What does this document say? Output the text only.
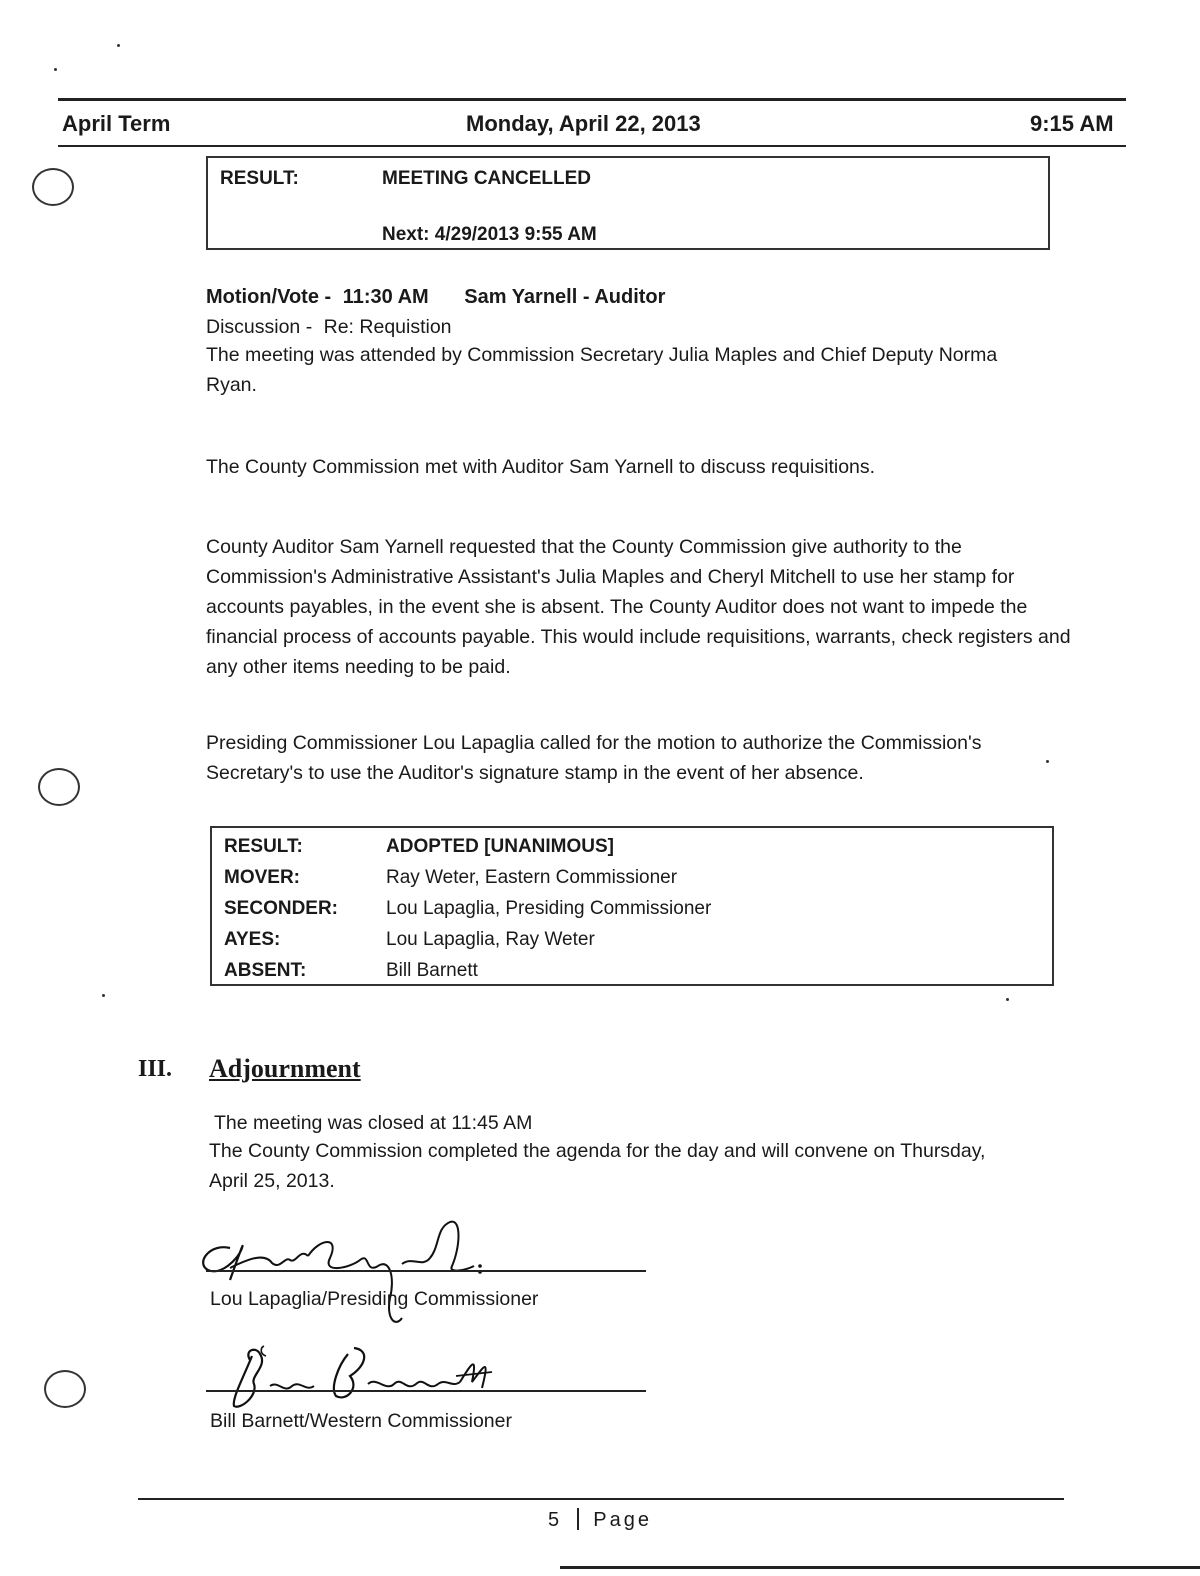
April Term	Monday, April 22, 2013	9:15 AM
RESULT:	MEETING CANCELLED
Next: 4/29/2013 9:55 AM
Motion/Vote - 11:30 AM Sam Yarnell - Auditor
Discussion - Re: Requistion
The meeting was attended by Commission Secretary Julia Maples and Chief Deputy Norma Ryan.
The County Commission met with Auditor Sam Yarnell to discuss requisitions.
County Auditor Sam Yarnell requested that the County Commission give authority to the Commission's Administrative Assistant's Julia Maples and Cheryl Mitchell to use her stamp for accounts payables, in the event she is absent. The County Auditor does not want to impede the financial process of accounts payable. This would include requisitions, warrants, check registers and any other items needing to be paid.
Presiding Commissioner Lou Lapaglia called for the motion to authorize the Commission's Secretary's to use the Auditor's signature stamp in the event of her absence.
RESULT:	ADOPTED [UNANIMOUS]
MOVER:	Ray Weter, Eastern Commissioner
SECONDER:	Lou Lapaglia, Presiding Commissioner
AYES:	Lou Lapaglia, Ray Weter
ABSENT:	Bill Barnett
III. Adjournment
The meeting was closed at 11:45 AM
The County Commission completed the agenda for the day and will convene on Thursday, April 25, 2013.
Lou Lapaglia/Presiding Commissioner
Bill Barnett/Western Commissioner
5 Page
